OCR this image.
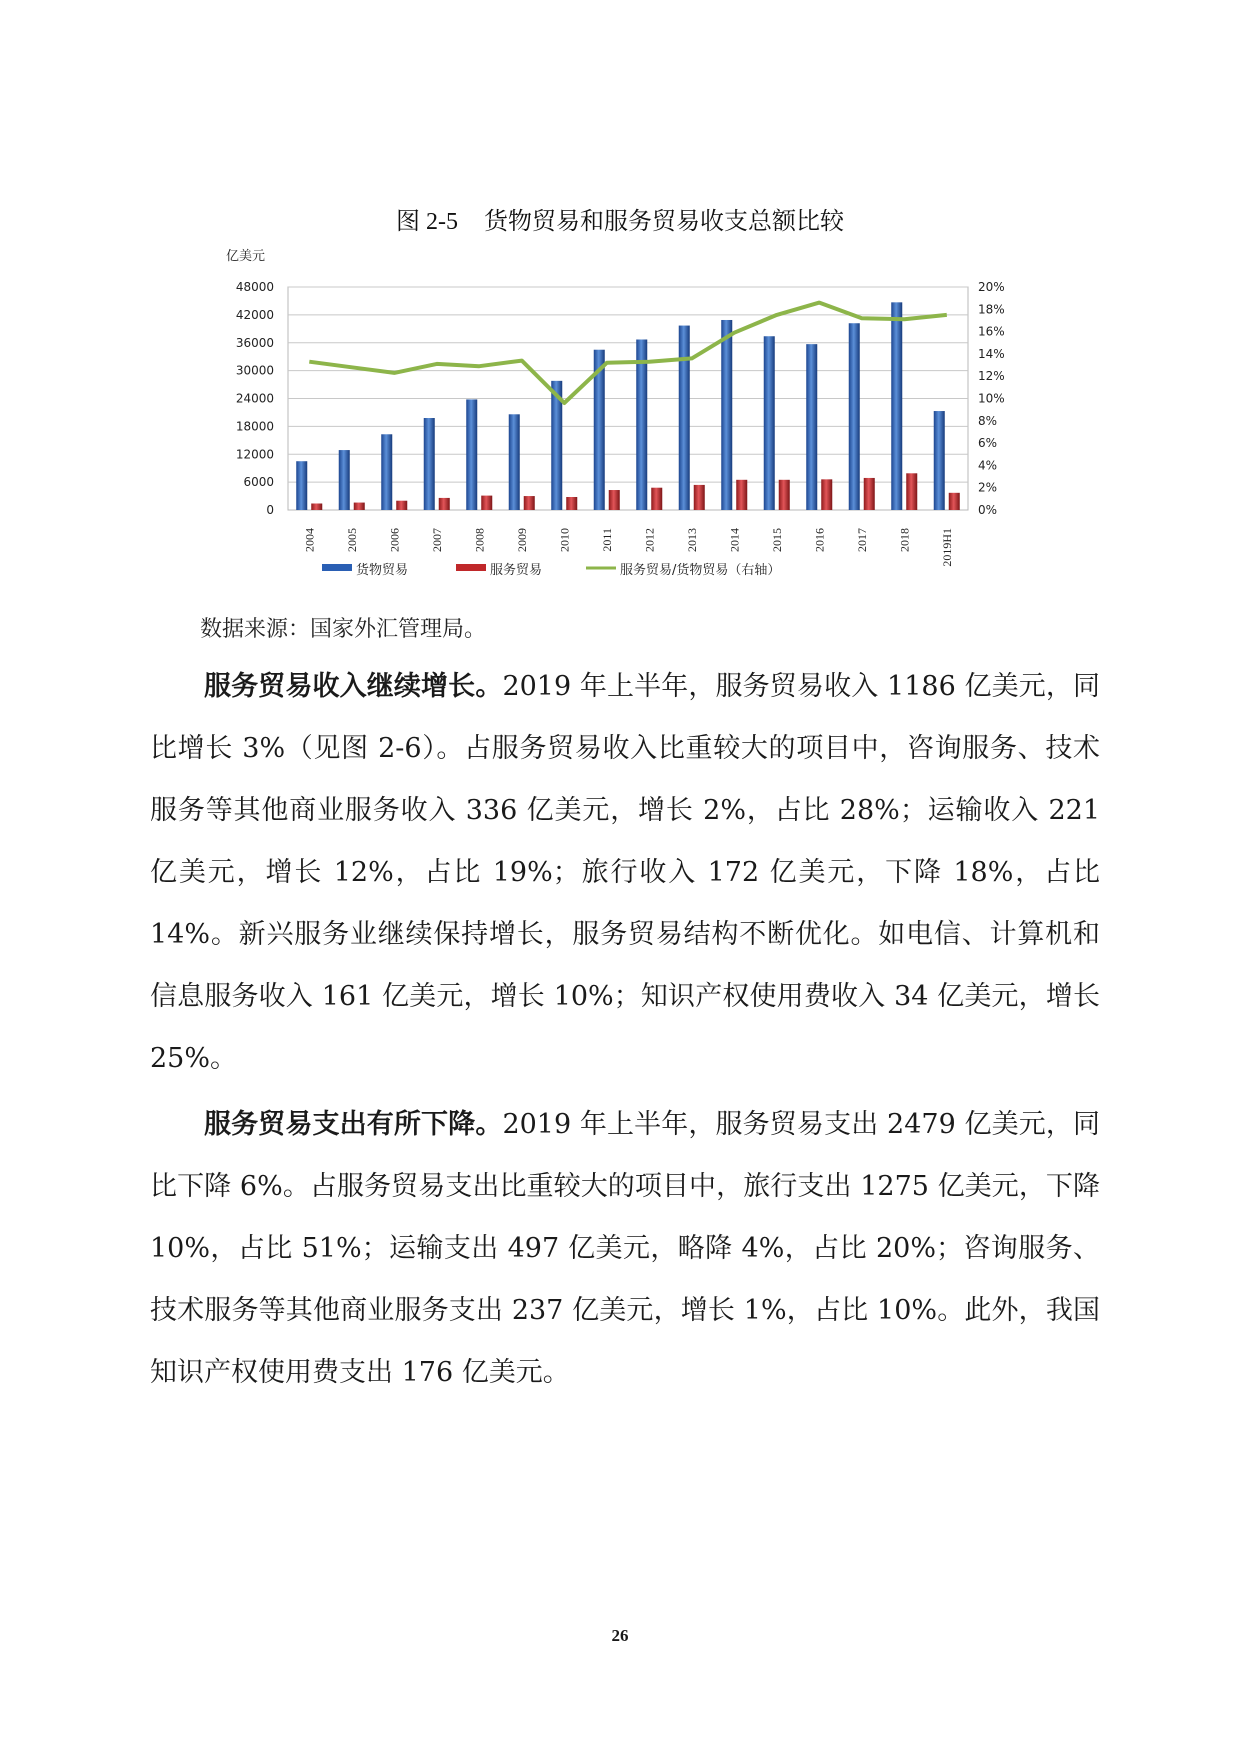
图 2-5 货物贸易和服务贸易收支总额比较
0
6000
12000
18000
24000
30000
36000
42000
48000
0%
2%
4%
6%
8%
10%
12%
14%
16%
18%
20%
亿美元
2004 2005 2006 2007 2008 2009 2010 2011 2012 2013 2014 2015 2016 2017 2018 2019H1
货物贸易	服务贸易	服务贸易/货物贸易（右轴）
数据来源：国家外汇管理局。

服务贸易收入继续增长。2019 年上半年，服务贸易收入 1186 亿美元，同比增长 3%（见图 2-6）。占服务贸易收入比重较大的项目中，咨询服务、技术服务等其他商业服务收入 336 亿美元，增长 2%，占比 28%；运输收入 221 亿美元，增长 12%，占比 19%；旅行收入 172 亿美元，下降 18%，占比 14%。新兴服务业继续保持增长，服务贸易结构不断优化。如电信、计算机和信息服务收入 161 亿美元，增长 10%；知识产权使用费收入 34 亿美元，增长 25%。

服务贸易支出有所下降。2019 年上半年，服务贸易支出 2479 亿美元，同比下降 6%。占服务贸易支出比重较大的项目中，旅行支出 1275 亿美元，下降 10%，占比 51%；运输支出 497 亿美元，略降 4%，占比 20%；咨询服务、技术服务等其他商业服务支出 237 亿美元，增长 1%，占比 10%。此外，我国知识产权使用费支出 176 亿美元。

26
